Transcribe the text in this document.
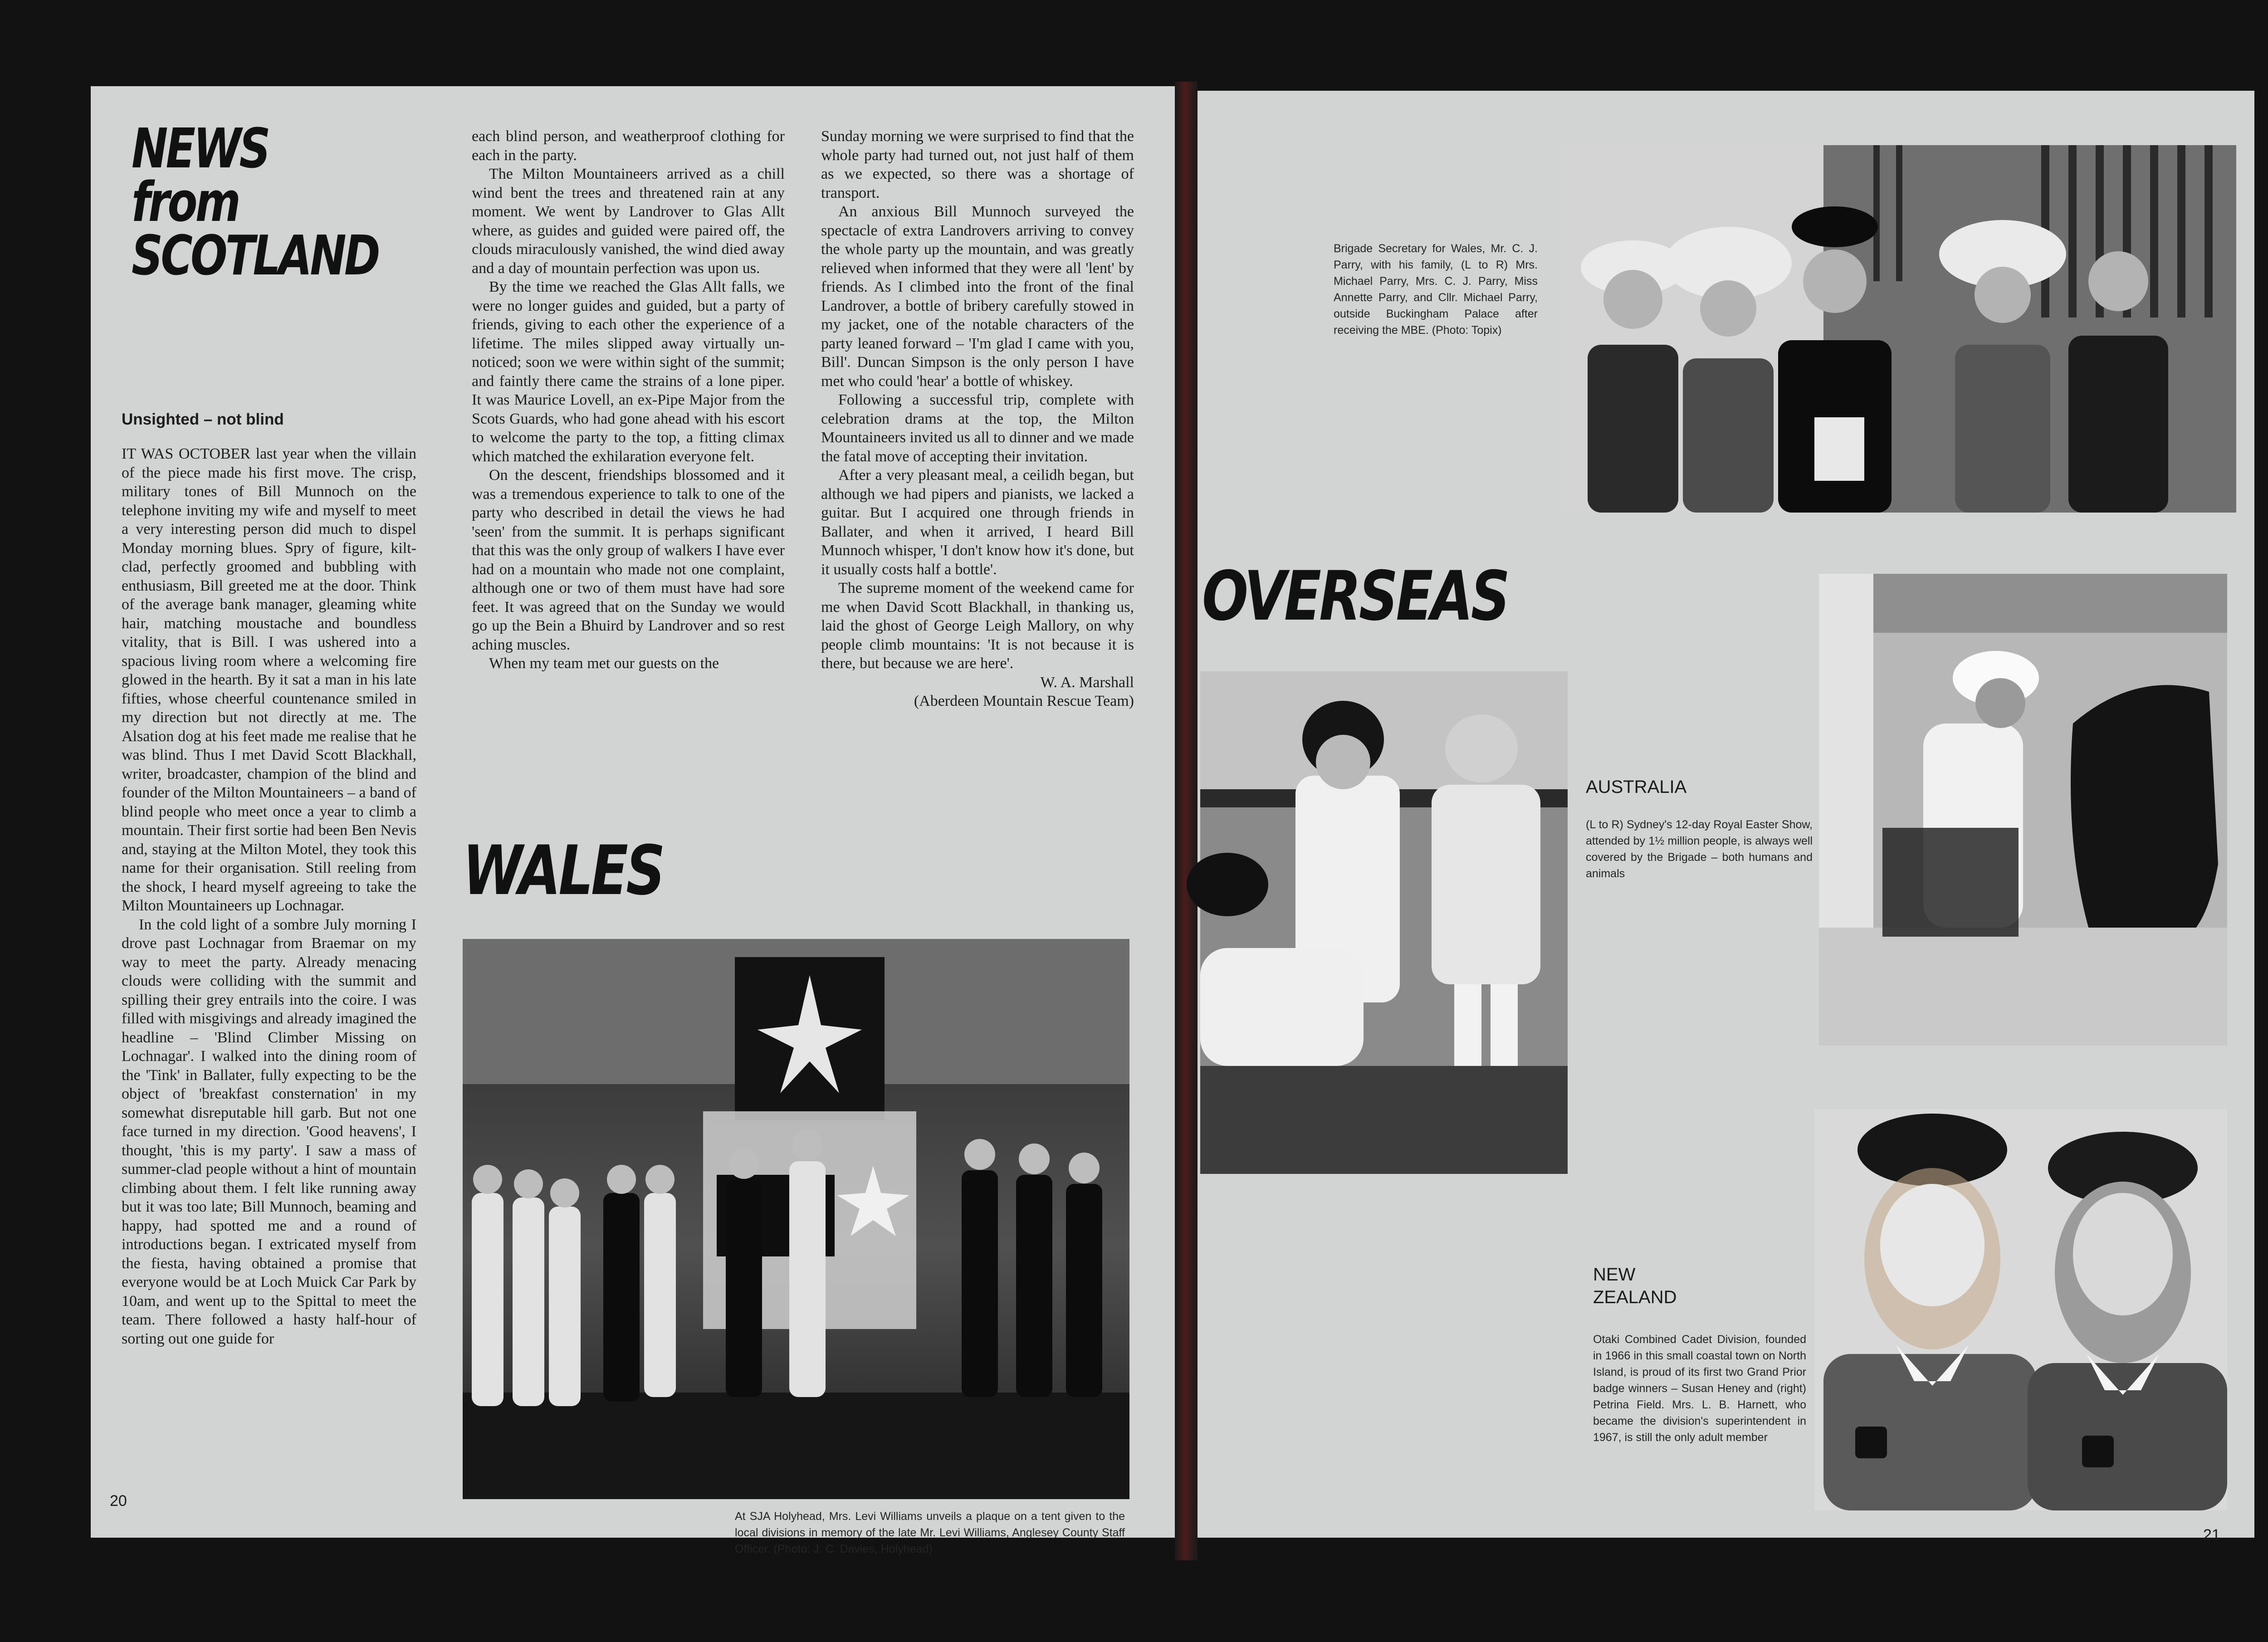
NEWS

from

SCOTLAND

Unsighted – not blind

IT WAS OCTOBER last year when the villain of the piece made his first move. The crisp, military tones of Bill Munnoch on the telephone inviting my wife and myself to meet a very interesting person did much to dispel Monday morning blues. Spry of figure, kilt-clad, perfectly groomed and bubbling with enthusiasm, Bill greeted me at the door. Think of the average bank manager, gleaming white hair, matching moustache and boundless vitality, that is Bill. I was ushered into a spacious living room where a welcoming fire glowed in the hearth. By it sat a man in his late fifties, whose cheerful countenance smiled in my direction but not directly at me. The Alsation dog at his feet made me realise that he was blind. Thus I met David Scott Blackhall, writer, broadcaster, champion of the blind and founder of the Milton Mountaineers – a band of blind people who meet once a year to climb a mountain. Their first sortie had been Ben Nevis and, staying at the Milton Motel, they took this name for their organisation. Still reeling from the shock, I heard myself agreeing to take the Milton Mountaineers up Lochnagar.

In the cold light of a sombre July morning I drove past Lochnagar from Braemar on my way to meet the party. Already menacing clouds were colliding with the summit and spilling their grey entrails into the coire. I was filled with misgivings and already imagined the headline – 'Blind Climber Missing on Lochnagar'. I walked into the dining room of the 'Tink' in Ballater, fully expecting to be the object of 'breakfast consternation' in my somewhat disreputable hill garb. But not one face turned in my direction. 'Good heavens', I thought, 'this is my party'. I saw a mass of summer-clad people without a hint of mountain climbing about them. I felt like running away but it was too late; Bill Munnoch, beaming and happy, had spotted me and a round of introductions began. I extricated myself from the fiesta, having obtained a promise that everyone would be at Loch Muick Car Park by 10am, and went up to the Spittal to meet the team. There followed a hasty half-hour of sorting out one guide for

each blind person, and weatherproof clothing for each in the party.

The Milton Mountaineers arrived as a chill wind bent the trees and threatened rain at any moment. We went by Landrover to Glas Allt where, as guides and guided were paired off, the clouds miraculously vanished, the wind died away and a day of mountain perfection was upon us.

By the time we reached the Glas Allt falls, we were no longer guides and guided, but a party of friends, giving to each other the experience of a lifetime. The miles slipped away virtually un-noticed; soon we were within sight of the summit; and faintly there came the strains of a lone piper. It was Maurice Lovell, an ex-Pipe Major from the Scots Guards, who had gone ahead with his escort to welcome the party to the top, a fitting climax which matched the exhilaration everyone felt.

On the descent, friendships blossomed and it was a tremendous experience to talk to one of the party who described in detail the views he had 'seen' from the summit. It is perhaps significant that this was the only group of walkers I have ever had on a mountain who made not one complaint, although one or two of them must have had sore feet. It was agreed that on the Sunday we would go up the Bein a Bhuird by Landrover and so rest aching muscles.

When my team met our guests on the

Sunday morning we were surprised to find that the whole party had turned out, not just half of them as we expected, so there was a shortage of transport.

An anxious Bill Munnoch surveyed the spectacle of extra Landrovers arriving to convey the whole party up the mountain, and was greatly relieved when informed that they were all 'lent' by friends. As I climbed into the front of the final Landrover, a bottle of bribery carefully stowed in my jacket, one of the notable characters of the party leaned forward – 'I'm glad I came with you, Bill'. Duncan Simpson is the only person I have met who could 'hear' a bottle of whiskey.

Following a successful trip, complete with celebration drams at the top, the Milton Mountaineers invited us all to dinner and we made the fatal move of accepting their invitation.

After a very pleasant meal, a ceilidh began, but although we had pipers and pianists, we lacked a guitar. But I acquired one through friends in Ballater, and when it arrived, I heard Bill Munnoch whisper, 'I don't know how it's done, but it usually costs half a bottle'.

The supreme moment of the weekend came for me when David Scott Blackhall, in thanking us, laid the ghost of George Leigh Mallory, on why people climb mountains: 'It is not because it is there, but because we are here'.

W. A. Marshall

(Aberdeen Mountain Rescue Team)

WALES

At SJA Holyhead, Mrs. Levi Williams unveils a plaque on a tent given to the local divisions in memory of the late Mr. Levi Williams, Anglesey County Staff Officer. (Photo: J. C. Davies, Holyhead)

20

Brigade Secretary for Wales, Mr. C. J. Parry, with his family, (L to R) Mrs. Michael Parry, Mrs. C. J. Parry, Miss Annette Parry, and Cllr. Michael Parry, outside Buckingham Palace after receiving the MBE. (Photo: Topix)

OVERSEAS

AUSTRALIA

(L to R) Sydney's 12-day Royal Easter Show, attended by 1½ million people, is always well covered by the Brigade – both humans and animals

NEW

ZEALAND

Otaki Combined Cadet Division, founded in 1966 in this small coastal town on North Island, is proud of its first two Grand Prior badge winners – Susan Heney and (right) Petrina Field. Mrs. L. B. Harnett, who became the division's superintendent in 1967, is still the only adult member

21
